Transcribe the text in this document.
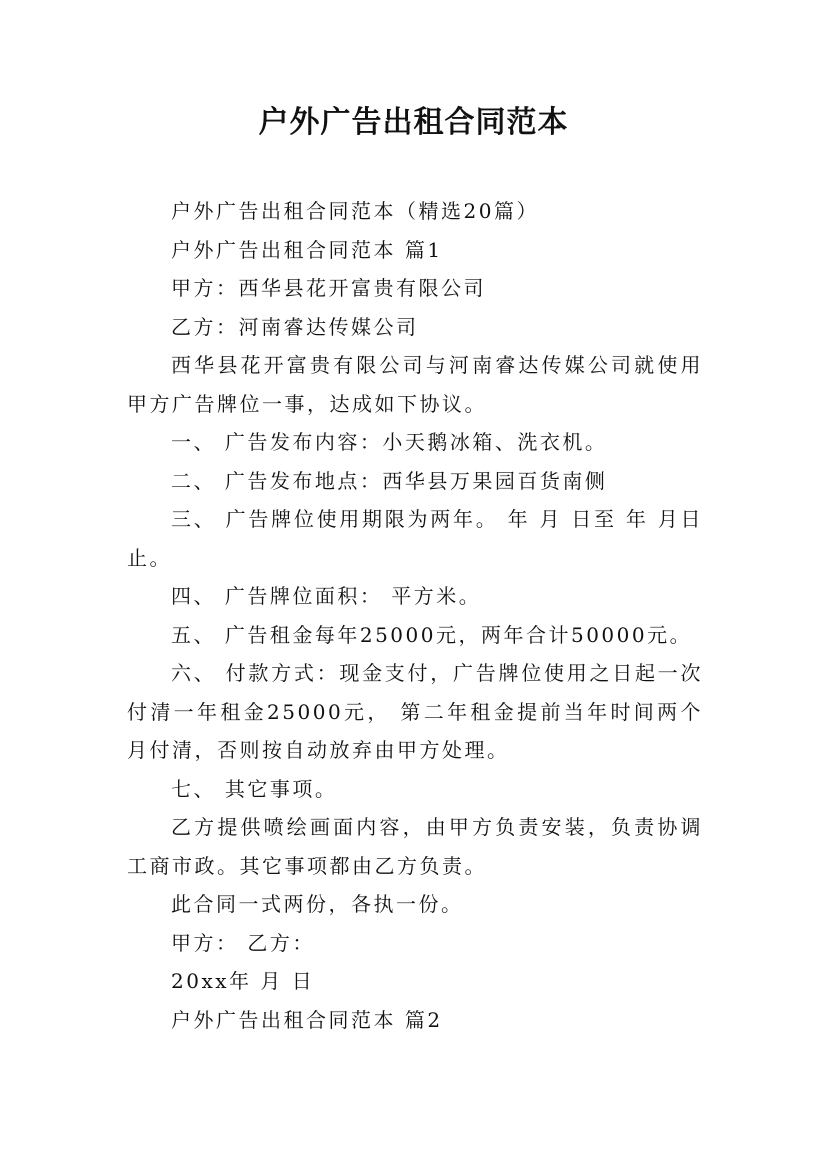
户外广告出租合同范本

户外广告出租合同范本（精选20篇）

户外广告出租合同范本 篇1

甲方：西华县花开富贵有限公司

乙方：河南睿达传媒公司

西华县花开富贵有限公司与河南睿达传媒公司就使用甲方广告牌位一事，达成如下协议。

一、 广告发布内容：小天鹅冰箱、洗衣机。

二、 广告发布地点：西华县万果园百货南侧

三、 广告牌位使用期限为两年。 年 月 日至 年 月日止。

四、 广告牌位面积： 平方米。

五、 广告租金每年25000元，两年合计50000元。

六、 付款方式：现金支付，广告牌位使用之日起一次付清一年租金25000元， 第二年租金提前当年时间两个月付清，否则按自动放弃由甲方处理。

七、 其它事项。

乙方提供喷绘画面内容，由甲方负责安装，负责协调工商市政。其它事项都由乙方负责。

此合同一式两份，各执一份。

甲方： 乙方：

20xx年 月 日

户外广告出租合同范本 篇2
